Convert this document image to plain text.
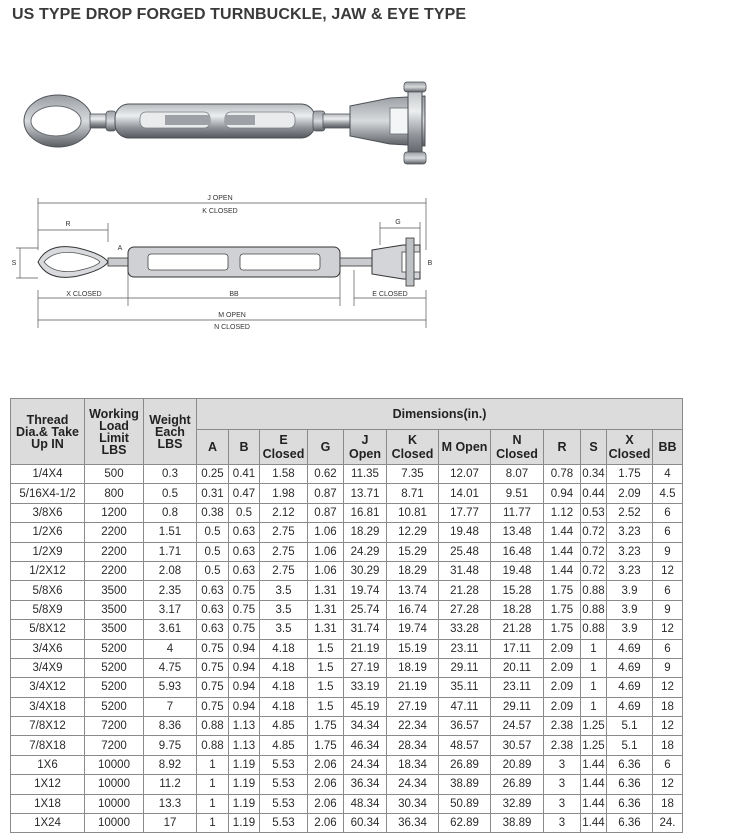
US TYPE DROP FORGED TURNBUCKLE, JAW & EYE TYPE
J OPEN
K CLOSED
R	G
S
A
B
X CLOSED	BB	E CLOSED
M OPEN
N CLOSED
Thread Dia.& Take Up IN	Working Load Limit LBS	Weight Each LBS	Dimensions(in.)											
			A	B	E Closed	G	J Open	K Closed	M Open	N Closed	R	S	X Closed	BB
1/4X4	500	0.3	0.25	0.41	1.58	0.62	11.35	7.35	12.07	8.07	0.78	0.34	1.75	4
5/16X4-1/2	800	0.5	0.31	0.47	1.98	0.87	13.71	8.71	14.01	9.51	0.94	0.44	2.09	4.5
3/8X6	1200	0.8	0.38	0.5	2.12	0.87	16.81	10.81	17.77	11.77	1.12	0.53	2.52	6
1/2X6	2200	1.51	0.5	0.63	2.75	1.06	18.29	12.29	19.48	13.48	1.44	0.72	3.23	6
1/2X9	2200	1.71	0.5	0.63	2.75	1.06	24.29	15.29	25.48	16.48	1.44	0.72	3.23	9
1/2X12	2200	2.08	0.5	0.63	2.75	1.06	30.29	18.29	31.48	19.48	1.44	0.72	3.23	12
5/8X6	3500	2.35	0.63	0.75	3.5	1.31	19.74	13.74	21.28	15.28	1.75	0.88	3.9	6
5/8X9	3500	3.17	0.63	0.75	3.5	1.31	25.74	16.74	27.28	18.28	1.75	0.88	3.9	9
5/8X12	3500	3.61	0.63	0.75	3.5	1.31	31.74	19.74	33.28	21.28	1.75	0.88	3.9	12
3/4X6	5200	4	0.75	0.94	4.18	1.5	21.19	15.19	23.11	17.11	2.09	1	4.69	6
3/4X9	5200	4.75	0.75	0.94	4.18	1.5	27.19	18.19	29.11	20.11	2.09	1	4.69	9
3/4X12	5200	5.93	0.75	0.94	4.18	1.5	33.19	21.19	35.11	23.11	2.09	1	4.69	12
3/4X18	5200	7	0.75	0.94	4.18	1.5	45.19	27.19	47.11	29.11	2.09	1	4.69	18
7/8X12	7200	8.36	0.88	1.13	4.85	1.75	34.34	22.34	36.57	24.57	2.38	1.25	5.1	12
7/8X18	7200	9.75	0.88	1.13	4.85	1.75	46.34	28.34	48.57	30.57	2.38	1.25	5.1	18
1X6	10000	8.92	1	1.19	5.53	2.06	24.34	18.34	26.89	20.89	3	1.44	6.36	6
1X12	10000	11.2	1	1.19	5.53	2.06	36.34	24.34	38.89	26.89	3	1.44	6.36	12
1X18	10000	13.3	1	1.19	5.53	2.06	48.34	30.34	50.89	32.89	3	1.44	6.36	18
1X24	10000	17	1	1.19	5.53	2.06	60.34	36.34	62.89	38.89	3	1.44	6.36	24.
